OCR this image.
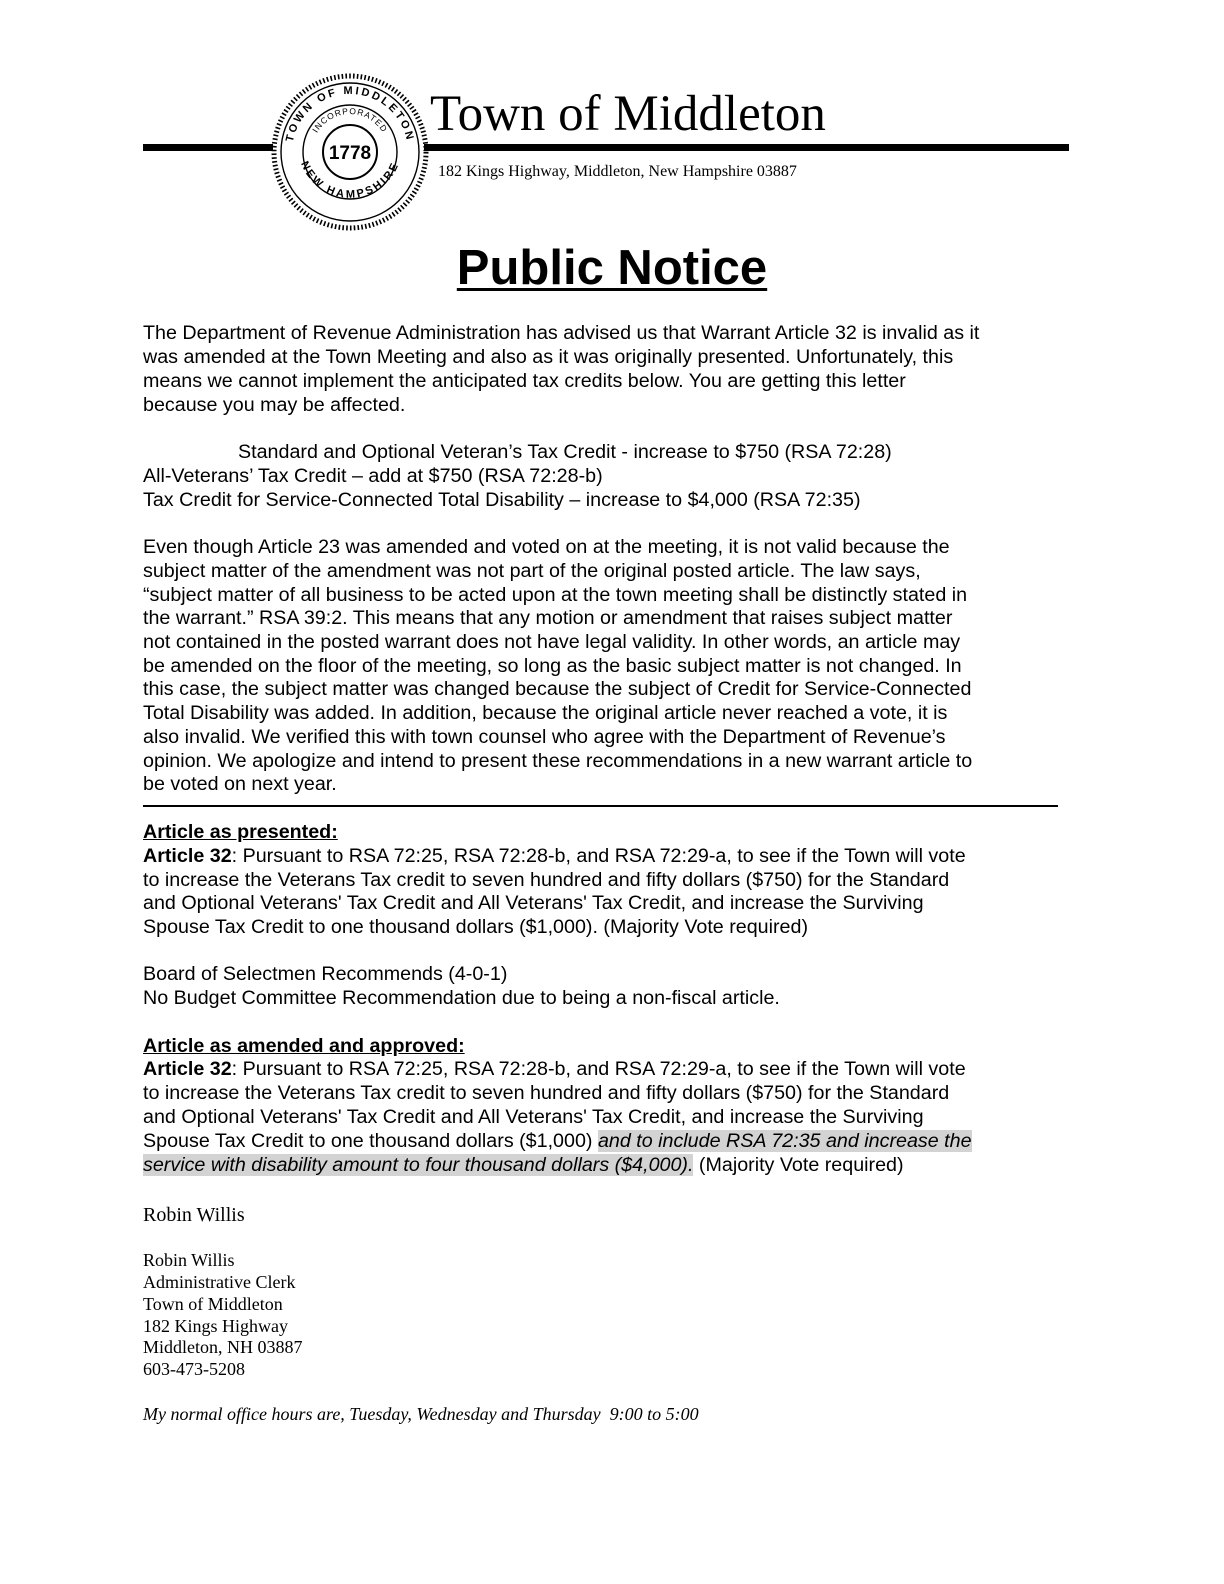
TOWN OF MIDDLETON
INCORPORATED
1778
NEW HAMPSHIRE
Town of Middleton
182 Kings Highway, Middleton, New Hampshire 03887
Public Notice
The Department of Revenue Administration has advised us that Warrant Article 32 is invalid as it
was amended at the Town Meeting and also as it was originally presented. Unfortunately, this
means we cannot implement the anticipated tax credits below. You are getting this letter
because you may be affected.
Standard and Optional Veteran’s Tax Credit - increase to $750 (RSA 72:28)
All-Veterans’ Tax Credit – add at $750 (RSA 72:28-b)
Tax Credit for Service-Connected Total Disability – increase to $4,000 (RSA 72:35)
Even though Article 23 was amended and voted on at the meeting, it is not valid because the
subject matter of the amendment was not part of the original posted article. The law says,
“subject matter of all business to be acted upon at the town meeting shall be distinctly stated in
the warrant.” RSA 39:2. This means that any motion or amendment that raises subject matter
not contained in the posted warrant does not have legal validity. In other words, an article may
be amended on the floor of the meeting, so long as the basic subject matter is not changed. In
this case, the subject matter was changed because the subject of Credit for Service-Connected
Total Disability was added. In addition, because the original article never reached a vote, it is
also invalid. We verified this with town counsel who agree with the Department of Revenue’s
opinion. We apologize and intend to present these recommendations in a new warrant article to
be voted on next year.
Article as presented:
Article 32: Pursuant to RSA 72:25, RSA 72:28-b, and RSA 72:29-a, to see if the Town will vote
to increase the Veterans Tax credit to seven hundred and fifty dollars ($750) for the Standard
and Optional Veterans' Tax Credit and All Veterans' Tax Credit, and increase the Surviving
Spouse Tax Credit to one thousand dollars ($1,000). (Majority Vote required)
Board of Selectmen Recommends (4-0-1)
No Budget Committee Recommendation due to being a non-fiscal article.
Article as amended and approved:
Article 32: Pursuant to RSA 72:25, RSA 72:28-b, and RSA 72:29-a, to see if the Town will vote
to increase the Veterans Tax credit to seven hundred and fifty dollars ($750) for the Standard
and Optional Veterans' Tax Credit and All Veterans' Tax Credit, and increase the Surviving
Spouse Tax Credit to one thousand dollars ($1,000) and to include RSA 72:35 and increase the
service with disability amount to four thousand dollars ($4,000). (Majority Vote required)
Robin Willis
Robin Willis
Administrative Clerk
Town of Middleton
182 Kings Highway
Middleton, NH 03887
603-473-5208
My normal office hours are, Tuesday, Wednesday and Thursday  9:00 to 5:00
